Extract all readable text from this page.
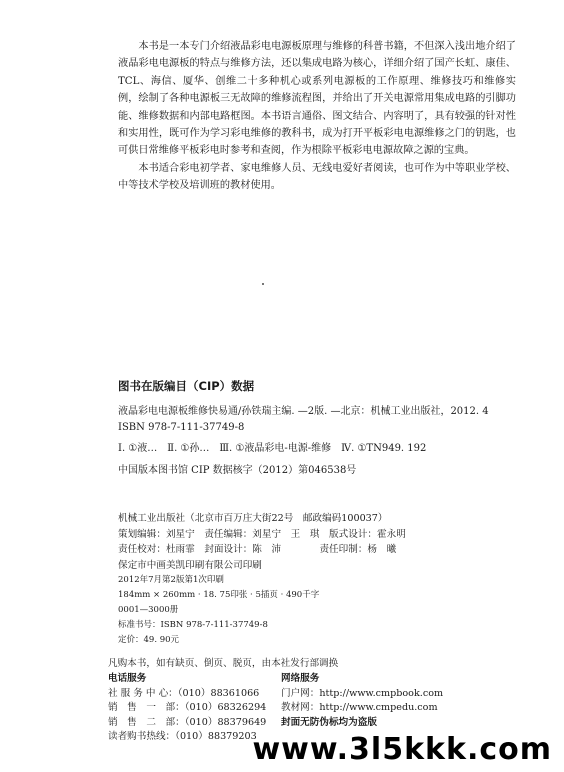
本书是一本专门介绍液晶彩电电源板原理与维修的科普书籍，不但深入浅出地介绍了液晶彩电电源板的特点与维修方法，还以集成电路为核心，详细介绍了国产长虹、康佳、TCL、海信、厦华、创维二十多种机心或系列电源板的工作原理、维修技巧和维修实例，绘制了各种电源板三无故障的维修流程图，并给出了开关电源常用集成电路的引脚功能、维修数据和内部电路框图。本书语言通俗、图文结合、内容明了，具有较强的针对性和实用性，既可作为学习彩电维修的教科书，成为打开平板彩电电源维修之门的钥匙，也可供日常维修平板彩电时参考和查阅，作为根除平板彩电电源故障之源的宝典。

本书适合彩电初学者、家电维修人员、无线电爱好者阅读，也可作为中等职业学校、中等技术学校及培训班的教材使用。

图书在版编目（CIP）数据

液晶彩电电源板维修快易通/孙铁瑞主编. —2版. —北京：机械工业出版社，2012. 4

ISBN 978-7-111-37749-8

Ⅰ. ①液…　Ⅱ. ①孙…　Ⅲ. ①液晶彩电-电源-维修　Ⅳ. ①TN949. 192

中国版本图书馆 CIP 数据核字（2012）第046538号

机械工业出版社（北京市百万庄大街22号　邮政编码100037）

策划编辑：刘星宁　责任编辑：刘星宁　王　琪　版式设计：霍永明

责任校对：杜雨霏　封面设计：陈　沛　　　　责任印制：杨　曦

保定市中画美凯印刷有限公司印刷

2012年7月第2版第1次印刷

184mm × 260mm · 18. 75印张 · 5插页 · 490千字

0001—3000册

标准书号：ISBN 978-7-111-37749-8

定价：49. 90元

凡购本书，如有缺页、倒页、脱页，由本社发行部调换

电话服务

社 服 务 中 心：（010）88361066

销　售　一　部：（010）68326294

销　售　二　部：（010）88379649

读者购书热线：（010）88379203

网络服务

门户网：http://www.cmpbook.com

教材网：http://www.cmpedu.com

封面无防伪标均为盗版

www.3l5kkk.com
